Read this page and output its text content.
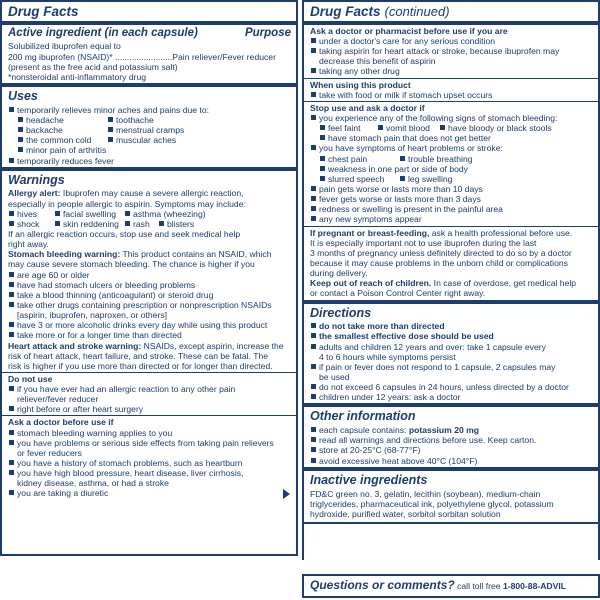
Drug Facts
Active ingredient (in each capsule)	Purpose
Solubilized ibuprofen equal to
200 mg ibuprofen (NSAID)* ........................Pain reliever/Fever reducer
(present as the free acid and potassium salt)
*nonsteroidal anti-inflammatory drug
Uses
temporarily relieves minor aches and pains due to:
headache	toothache
backache	menstrual cramps
the common cold	muscular aches
minor pain of arthritis
temporarily reduces fever
Warnings
Allergy alert: Ibuprofen may cause a severe allergic reaction,
especially in people allergic to aspirin. Symptoms may include:
hives	facial swelling	asthma (wheezing)
shock	skin reddening	rash	blisters
If an allergic reaction occurs, stop use and seek medical help
right away.
Stomach bleeding warning: This product contains an NSAID, which
may cause severe stomach bleeding. The chance is higher if you
are age 60 or older
have had stomach ulcers or bleeding problems
take a blood thinning (anticoagulant) or steroid drug
take other drugs containing prescription or nonprescription NSAIDs
[aspirin, ibuprofen, naproxen, or others]
have 3 or more alcoholic drinks every day while using this product
take more or for a longer time than directed
Heart attack and stroke warning: NSAIDs, except aspirin, increase the
risk of heart attack, heart failure, and stroke. These can be fatal. The
risk is higher if you use more than directed or for longer than directed.
Do not use
if you have ever had an allergic reaction to any other pain
reliever/fever reducer
right before or after heart surgery
Ask a doctor before use if
stomach bleeding warning applies to you
you have problems or serious side effects from taking pain relievers
or fever reducers
you have a history of stomach problems, such as heartburn
you have high blood pressure, heart disease, liver cirrhosis,
kidney disease, asthma, or had a stroke
you are taking a diuretic
Drug Facts (continued)
Ask a doctor or pharmacist before use if you are
under a doctor's care for any serious condition
taking aspirin for heart attack or stroke, because ibuprofen may
decrease this benefit of aspirin
taking any other drug
When using this product
take with food or milk if stomach upset occurs
Stop use and ask a doctor if
you experience any of the following signs of stomach bleeding:
feel faint	vomit blood	have bloody or black stools
have stomach pain that does not get better
you have symptoms of heart problems or stroke:
chest pain	trouble breathing
weakness in one part or side of body
slurred speech	leg swelling
pain gets worse or lasts more than 10 days
fever gets worse or lasts more than 3 days
redness or swelling is present in the painful area
any new symptoms appear
If pregnant or breast-feeding, ask a health professional before use.
It is especially important not to use ibuprofen during the last
3 months of pregnancy unless definitely directed to do so by a doctor
because it may cause problems in the unborn child or complications
during delivery.
Keep out of reach of children. In case of overdose, get medical help
or contact a Poison Control Center right away.
Directions
do not take more than directed
the smallest effective dose should be used
adults and children 12 years and over: take 1 capsule every
4 to 6 hours while symptoms persist
if pain or fever does not respond to 1 capsule, 2 capsules may
be used
do not exceed 6 capsules in 24 hours, unless directed by a doctor
children under 12 years: ask a doctor
Other information
each capsule contains: potassium 20 mg
read all warnings and directions before use. Keep carton.
store at 20-25°C (68-77°F)
avoid excessive heat above 40°C (104°F)
Inactive ingredients
FD&C green no. 3, gelatin, lecithin (soybean), medium-chain
triglycerides, pharmaceutical ink, polyethylene glycol, potassium
hydroxide, purified water, sorbitol sorbitan solution
Questions or comments? call toll free 1-800-88-ADVIL
